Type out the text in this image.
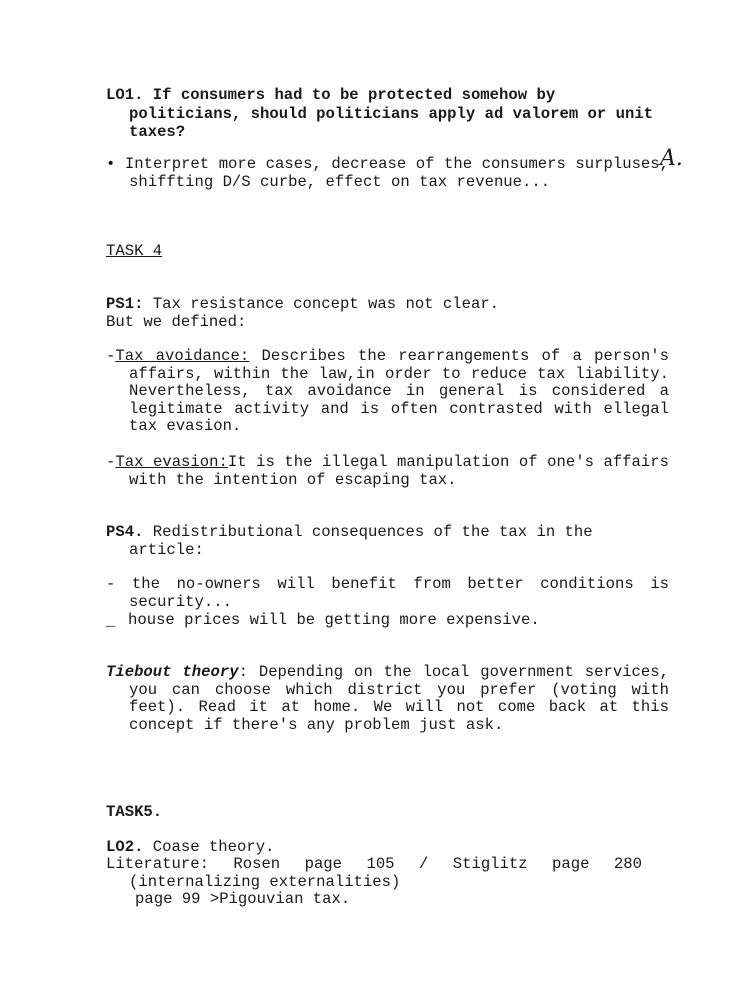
LO1. If consumers had to be protected somehow by politicians, should politicians apply ad valorem or unit taxes?
• Interpret more cases, decrease of the consumers surpluses, shiffting D/S curbe, effect on tax revenue...
A.
TASK 4
PS1: Tax resistance concept was not clear.
But we defined:
-Tax avoidance: Describes the rearrangements of a person's affairs, within the law,in order to reduce tax liability. Nevertheless, tax avoidance in general is considered a legitimate activity and is often contrasted with ellegal tax evasion.
-Tax evasion:It is the illegal manipulation of one's affairs with the intention of escaping tax.
PS4. Redistributional consequences of the tax in the article:
- the no-owners will benefit from better conditions is security...
house prices will be getting more expensive.
_
Tiebout theory: Depending on the local government services, you can choose which district you prefer (voting with feet). Read it at home. We will not come back at this concept if there's any problem just ask.
TASK5.
LO2. Coase theory.
Literature: Rosen page 105 / Stiglitz page 280
(internalizing externalities)
page 99 >Pigouvian tax.
